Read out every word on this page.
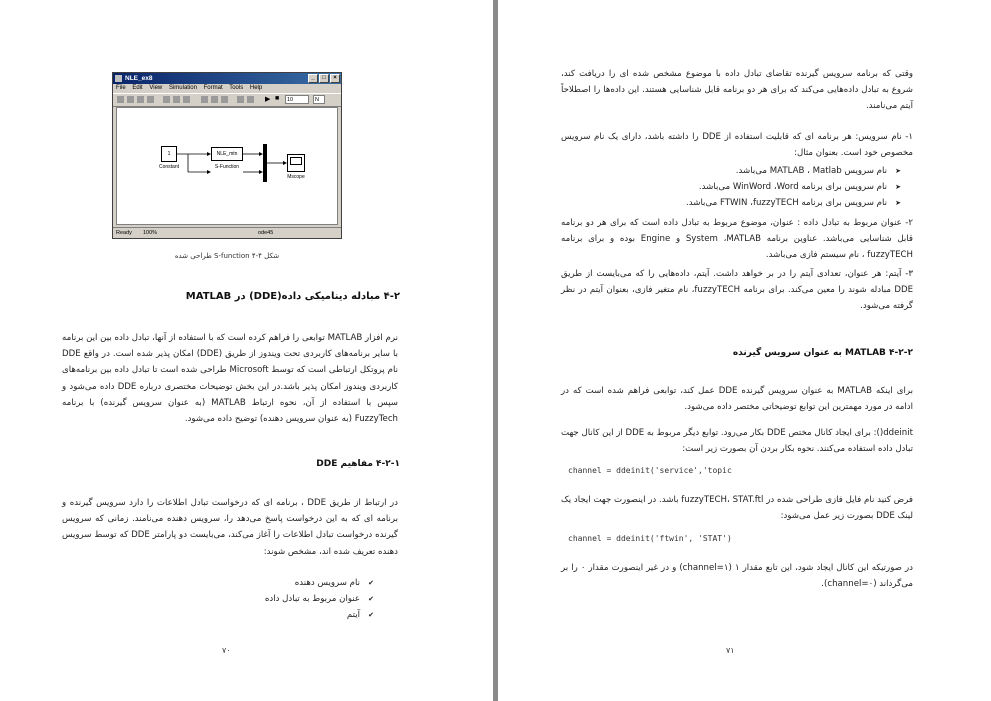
NLE_ex8	_	□	×
File Edit View Simulation Format Tools Help
▶ ■	10	N
1
Constant
NLE_mtn
S-Function
Mscope
Ready 100%	ode45
شکل ۴-۴ S-function طراحی شده
۴-۲ مبادله دینامیکی داده(DDE) در MATLAB
نرم افزار MATLAB توابعی را فراهم کرده است که با استفاده از آنها، تبادل داده بین این برنامه با سایر برنامه‌های کاربردی تحت ویندوز از طریق (DDE) امکان پذیر شده است. در واقع DDE نام پروتکل ارتباطی است که توسط Microsoft طراحی شده است تا تبادل داده بین برنامه‌های کاربردی ویندوز امکان پذیر باشد.در این بخش توضیحات مختصری درباره DDE داده می‌شود و سپس با استفاده از آن، نحوه ارتباط MATLAB (به عنوان سرویس گیرنده) با برنامه FuzzyTech (به عنوان سرویس دهنده) توضیح داده می‌شود.
۴-۲-۱ مفاهیم DDE
در ارتباط از طریق DDE ، برنامه ای که درخواست تبادل اطلاعات را دارد سرویس گیرنده و برنامه ای که به این درخواست پاسخ می‌دهد را، سرویس دهنده می‌نامند. زمانی که سرویس گیرنده درخواست تبادل اطلاعات را آغاز می‌کند، می‌بایست دو پارامتر DDE که توسط سرویس دهنده تعریف شده اند، مشخص شوند:
✔ نام سرویس دهنده
✔ عنوان مربوط به تبادل داده
✔ آیتم
۷۰
وقتی که برنامه سرویس گیرنده تقاضای تبادل داده با موضوع مشخص شده ای را دریافت کند، شروع به تبادل داده‌هایی می‌کند که برای هر دو برنامه قابل شناسایی هستند. این داده‌ها را اصطلاحاً آیتم می‌نامند.
۱- نام سرویس: هر برنامه ای که قابلیت استفاده از DDE را داشته باشد، دارای یک نام سرویس مخصوص خود است. بعنوان مثال:
➤ نام سرویس MATLAB ، Matlab می‌باشد.
➤ نام سرویس برای برنامه WinWord ،Word می‌باشد.
➤ نام سرویس برای برنامه FTWIN ،fuzzyTECH می‌باشد.
۲- عنوان مربوط به تبادل داده : عنوان، موضوع مربوط به تبادل داده است که برای هر دو برنامه قابل شناسایی می‌باشد. عناوین برنامه System ،MATLAB و Engine بوده و برای برنامه fuzzyTECH ، نام سیستم فازی می‌باشد.
۳- آیتم: هر عنوان، تعدادی آیتم را در بر خواهد داشت. آیتم، داده‌هایی را که می‌بایست از طریق DDE مبادله شوند را معین می‌کند. برای برنامه fuzzyTECH، نام متغیر فازی، بعنوان آیتم در نظر گرفته می‌شود.
۴-۲-۲ MATLAB به عنوان سرویس گیرنده
برای اینکه MATLAB به عنوان سرویس گیرنده DDE عمل کند، توابعی فراهم شده است که در ادامه در مورد مهمترین این توابع توضیحاتی مختصر داده می‌شود.
ddeinit(): برای ایجاد کانال مختص DDE بکار می‌رود. توابع دیگر مربوط به DDE از این کانال جهت تبادل داده استفاده می‌کنند. نحوه بکار بردن آن بصورت زیر است:
channel = ddeinit('service','topic
فرض کنید نام فایل فازی طراحی شده در fuzzyTECH، STAT.ftl باشد. در اینصورت جهت ایجاد یک لینک DDE بصورت زیر عمل می‌شود:
channel = ddeinit('ftwin', 'STAT')
در صورتیکه این کانال ایجاد شود، این تابع مقدار ۱ (channel=۱) و در غیر اینصورت مقدار ۰ را بر می‌گرداند (channel=۰).
۷۱
